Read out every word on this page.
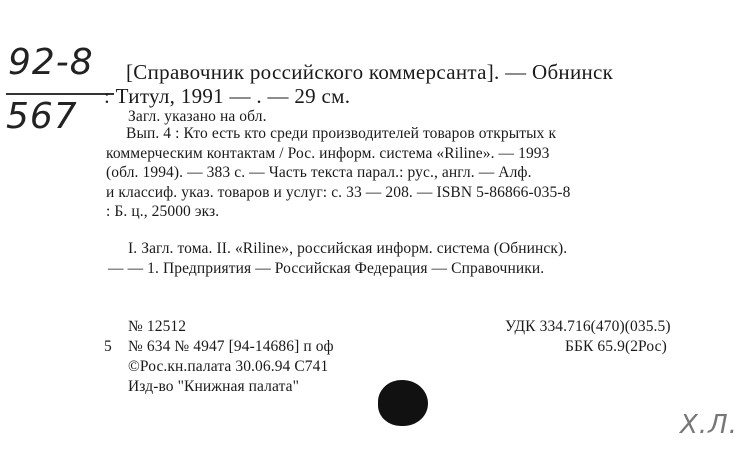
92-8
567
[Справочник российского коммерсанта]. — Обнинск
: Титул, 1991 — . — 29 см.
Загл. указано на обл.
Вып. 4 : Кто есть кто среди производителей товаров открытых к
коммерческим контактам / Рос. информ. система «Riline». — 1993
(обл. 1994). — 383 с. — Часть текста парал.: рус., англ. — Алф.
и классиф. указ. товаров и услуг: с. 33 — 208. — ISBN 5-86866-035-8
: Б. ц., 25000 экз.
I. Загл. тома. II. «Riline», российская информ. система (Обнинск).
— — 1. Предприятия — Российская Федерация — Справочники.
№ 12512
5 № 634 № 4947 [94-14686] п оф
©Рос.кн.палата 30.06.94 С741
Изд-во "Книжная палата"
УДК 334.716(470)(035.5)
ББК 65.9(2Рос)
Х.Л.
